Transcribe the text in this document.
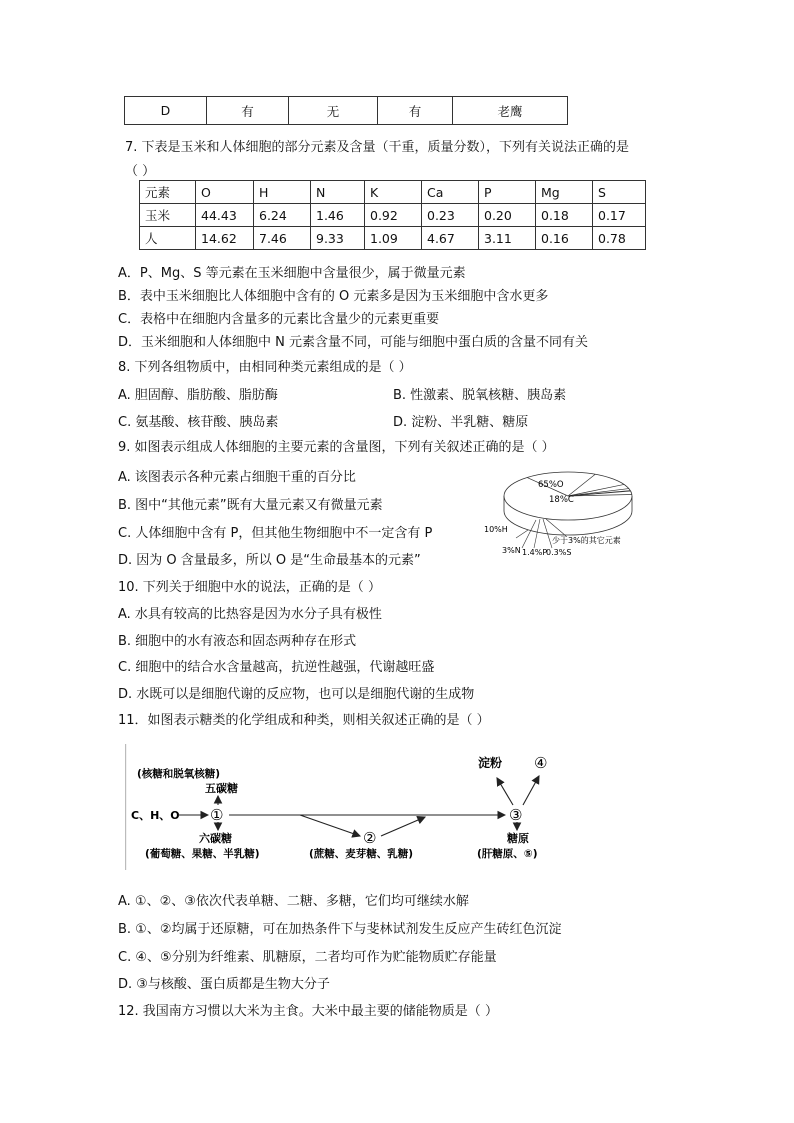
D	有	无	有	老鹰
7. 下表是玉米和人体细胞的部分元素及含量（干重，质量分数），下列有关说法正确的是
（ ）
元素	O	H	N	K	Ca	P	Mg	S
玉米	44.43	6.24	1.46	0.92	0.23	0.20	0.18	0.17
人	14.62	7.46	9.33	1.09	4.67	3.11	0.16	0.78
A．P、Mg、S 等元素在玉米细胞中含量很少，属于微量元素
B．表中玉米细胞比人体细胞中含有的 O 元素多是因为玉米细胞中含水更多
C．表格中在细胞内含量多的元素比含量少的元素更重要
D．玉米细胞和人体细胞中 N 元素含量不同，可能与细胞中蛋白质的含量不同有关
8. 下列各组物质中，由相同种类元素组成的是（ ）
A. 胆固醇、脂肪酸、脂肪酶	B. 性激素、脱氧核糖、胰岛素
C. 氨基酸、核苷酸、胰岛素	D. 淀粉、半乳糖、糖原
9. 如图表示组成人体细胞的主要元素的含量图，下列有关叙述正确的是（ ）
A. 该图表示各种元素占细胞干重的百分比
B. 图中“其他元素”既有大量元素又有微量元素
C. 人体细胞中含有 P，但其他生物细胞中不一定含有 P
D. 因为 O 含量最多，所以 O 是“生命最基本的元素”
65%O
18%C
10%H
少于3%的其它元素
3%N 1.4%P
0.3%S
10. 下列关于细胞中水的说法，正确的是（ ）
A. 水具有较高的比热容是因为水分子具有极性
B. 细胞中的水有液态和固态两种存在形式
C. 细胞中的结合水含量越高，抗逆性越强，代谢越旺盛
D. 水既可以是细胞代谢的反应物，也可以是细胞代谢的生成物
11．如图表示糖类的化学组成和种类，则相关叙述正确的是（ ）
(核糖和脱氧核糖)
五碳糖
C、H、O ①
六碳糖
(葡萄糖、果糖、半乳糖)
②
(蔗糖、麦芽糖、乳糖)
③
淀粉 ④
糖原
(肝糖原、⑤)
A. ①、②、③依次代表单糖、二糖、多糖，它们均可继续水解
B. ①、②均属于还原糖，可在加热条件下与斐林试剂发生反应产生砖红色沉淀
C. ④、⑤分别为纤维素、肌糖原，二者均可作为贮能物质贮存能量
D. ③与核酸、蛋白质都是生物大分子
12. 我国南方习惯以大米为主食。大米中最主要的储能物质是（ ）
